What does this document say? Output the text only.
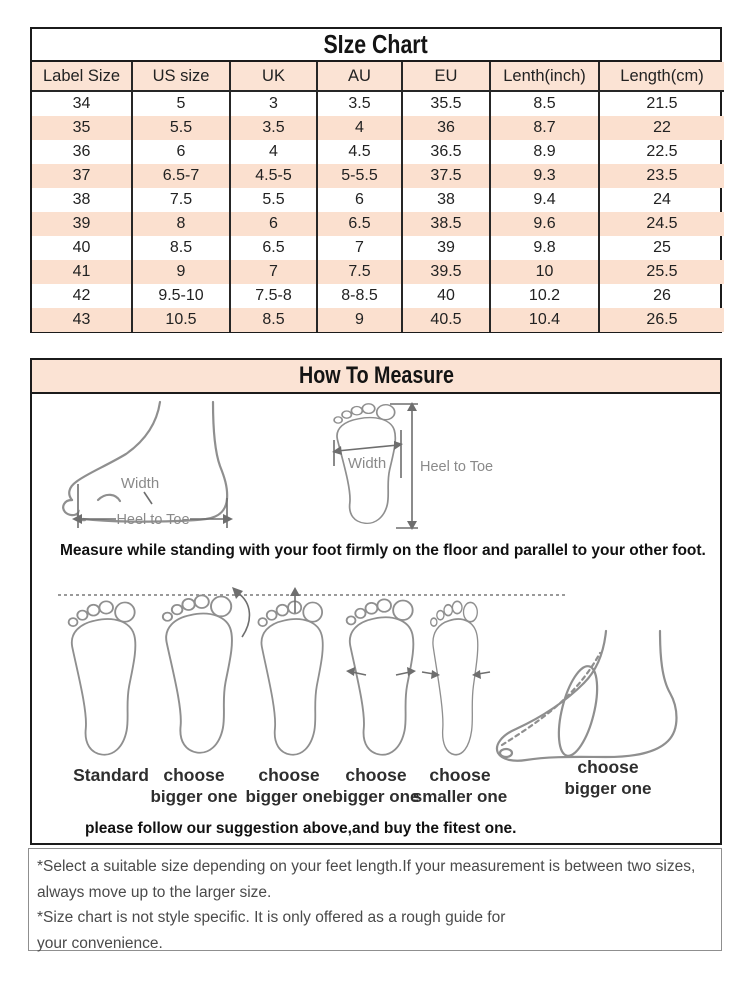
SIze Chart
Label Size	US size	UK	AU	EU	Lenth(inch)	Length(cm)
34	5	3	3.5	35.5	8.5	21.5
35	5.5	3.5	4	36	8.7	22
36	6	4	4.5	36.5	8.9	22.5
37	6.5-7	4.5-5	5-5.5	37.5	9.3	23.5
38	7.5	5.5	6	38	9.4	24
39	8	6	6.5	38.5	9.6	24.5
40	8.5	6.5	7	39	9.8	25
41	9	7	7.5	39.5	10	25.5
42	9.5-10	7.5-8	8-8.5	40	10.2	26
43	10.5	8.5	9	40.5	10.4	26.5
How To Measure
Width
Heel to Toe
Width Heel to Toe
Measure while standing with your foot firmly on the floor and parallel to your other foot.
Standard choose
bigger one
choose
bigger one
choose
bigger one
choose
smaller one
choose
bigger one
please follow our suggestion above,and buy the fitest one.

*Select a suitable size depending on your feet length.If your measurement is between two sizes,

always move up to the larger size.

*Size chart is not style specific. It is only offered as a rough guide for

your convenience.
